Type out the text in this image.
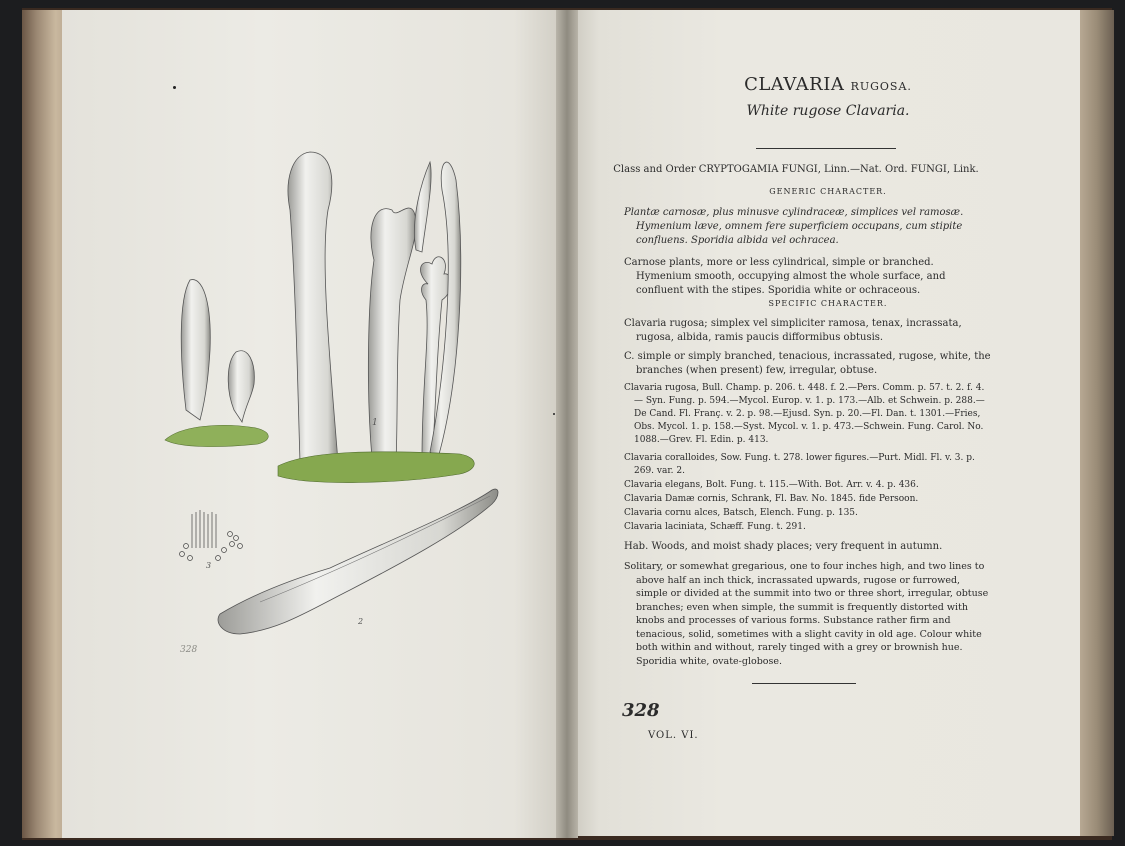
1
3
2
328
CLAVARIA RUGOSA.
White rugose Clavaria.
Class and Order CRYPTOGAMIA FUNGI, Linn.—Nat. Ord. FUNGI, Link.
GENERIC CHARACTER.
Plantæ carnosæ, plus minusve cylindraceæ, simplices vel ramosæ. Hymenium læve, omnem fere superficiem occupans, cum stipite confluens. Sporidia albida vel ochracea.
Carnose plants, more or less cylindrical, simple or branched. Hymenium smooth, occupying almost the whole surface, and confluent with the stipes. Sporidia white or ochraceous.
SPECIFIC CHARACTER.
Clavaria rugosa; simplex vel simpliciter ramosa, tenax, incrassata, rugosa, albida, ramis paucis difformibus obtusis.
C. simple or simply branched, tenacious, incrassated, rugose, white, the branches (when present) few, irregular, obtuse.
Clavaria rugosa, Bull. Champ. p. 206. t. 448. f. 2.—Pers. Comm. p. 57. t. 2. f. 4.— Syn. Fung. p. 594.—Mycol. Europ. v. 1. p. 173.—Alb. et Schwein. p. 288.—De Cand. Fl. Franç. v. 2. p. 98.—Ejusd. Syn. p. 20.—Fl. Dan. t. 1301.—Fries, Obs. Mycol. 1. p. 158.—Syst. Mycol. v. 1. p. 473.—Schwein. Fung. Carol. No. 1088.—Grev. Fl. Edin. p. 413.
Clavaria coralloides, Sow. Fung. t. 278. lower figures.—Purt. Midl. Fl. v. 3. p. 269. var. 2.
Clavaria elegans, Bolt. Fung. t. 115.—With. Bot. Arr. v. 4. p. 436.
Clavaria Damæ cornis, Schrank, Fl. Bav. No. 1845. fide Persoon.
Clavaria cornu alces, Batsch, Elench. Fung. p. 135.
Clavaria laciniata, Schæff. Fung. t. 291.
Hab. Woods, and moist shady places; very frequent in autumn.
Solitary, or somewhat gregarious, one to four inches high, and two lines to above half an inch thick, incrassated upwards, rugose or furrowed, simple or divided at the summit into two or three short, irregular, obtuse branches; even when simple, the summit is frequently distorted with knobs and processes of various forms. Substance rather firm and tenacious, solid, sometimes with a slight cavity in old age. Colour white both within and without, rarely tinged with a grey or brownish hue. Sporidia white, ovate-globose.
328
VOL. VI.
